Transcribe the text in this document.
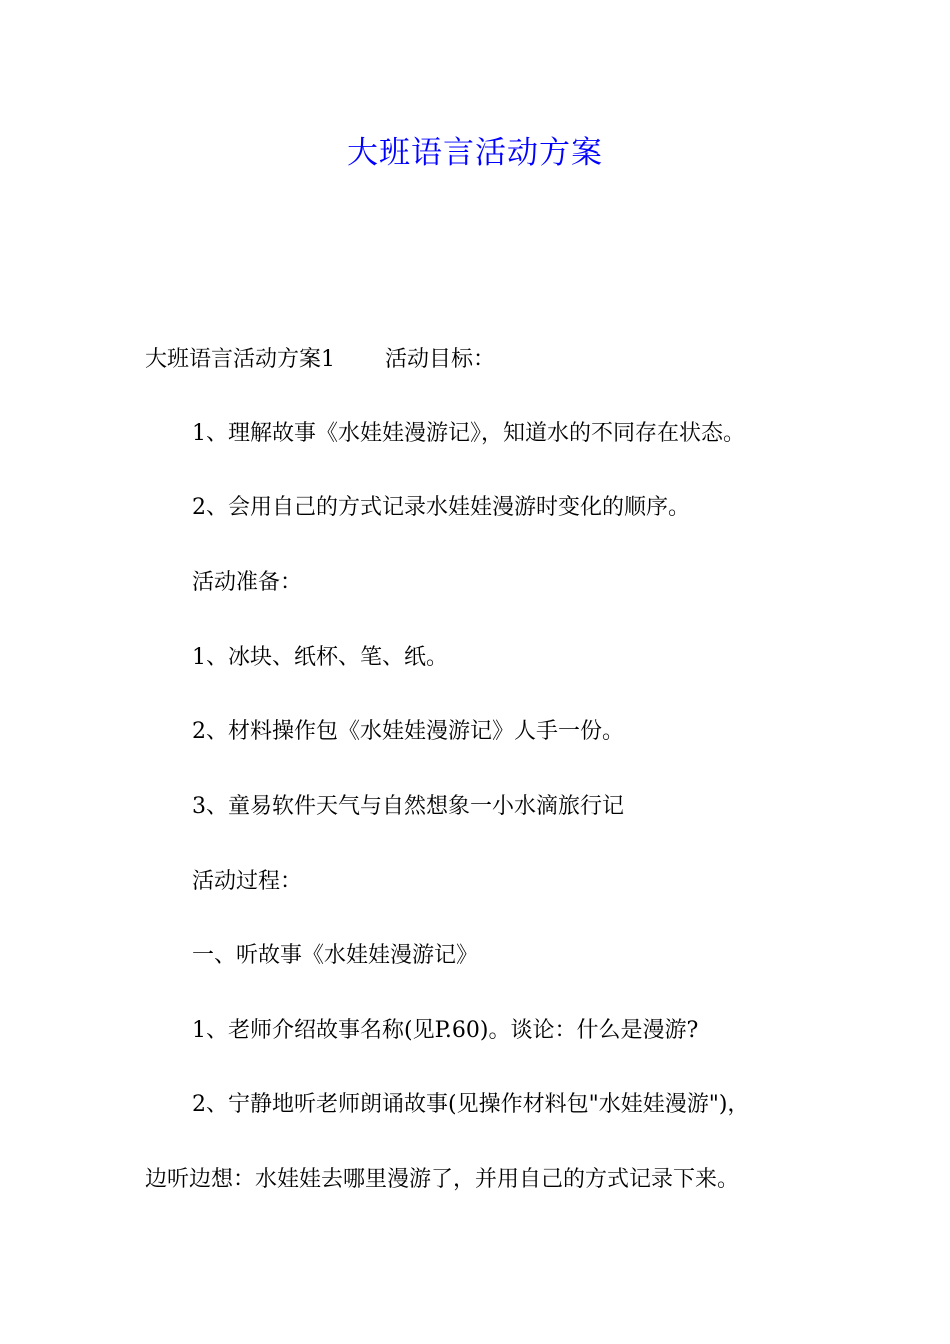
大班语言活动方案

大班语言活动方案1 活动目标：

1、理解故事《水娃娃漫游记》，知道水的不同存在状态。

2、会用自己的方式记录水娃娃漫游时变化的顺序。

活动准备：

1、冰块、纸杯、笔、纸。

2、材料操作包《水娃娃漫游记》人手一份。

3、童易软件天气与自然想象一小水滴旅行记

活动过程：

一、听故事《水娃娃漫游记》

1、老师介绍故事名称(见P.60)。谈论：什么是漫游?

2、宁静地听老师朗诵故事(见操作材料包"水娃娃漫游")，

边听边想：水娃娃去哪里漫游了，并用自己的方式记录下来。
